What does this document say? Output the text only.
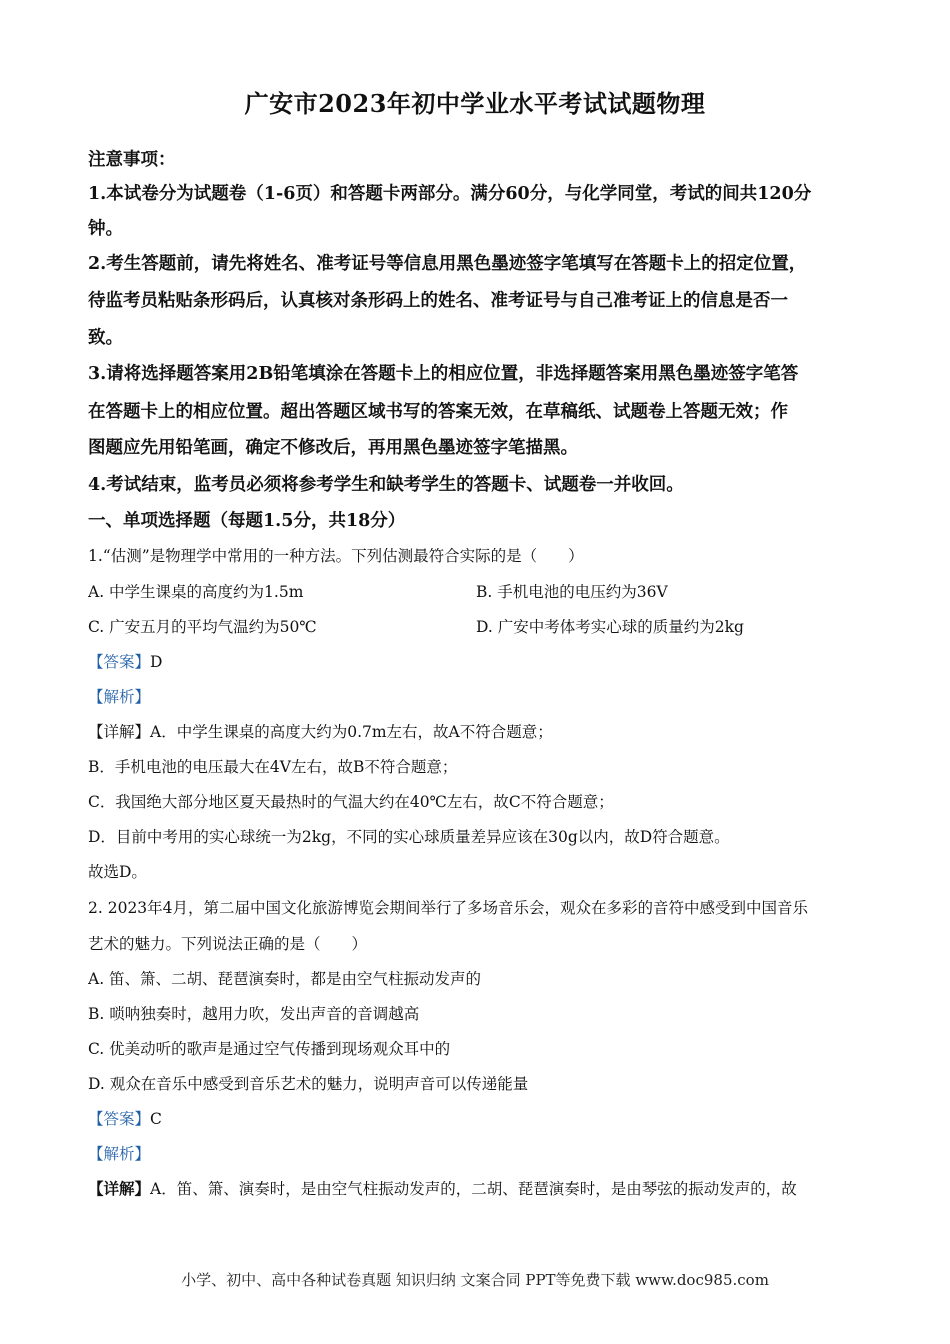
广安市2023年初中学业水平考试试题物理
注意事项：
1.本试卷分为试题卷（1-6页）和答题卡两部分。满分60分，与化学同堂，考试的间共120分
钟。
2.考生答题前，请先将姓名、准考证号等信息用黑色墨迹签字笔填写在答题卡上的招定位置，
待监考员粘贴条形码后，认真核对条形码上的姓名、准考证号与自己准考证上的信息是否一
致。
3.请将选择题答案用2B铅笔填涂在答题卡上的相应位置，非选择题答案用黑色墨迹签字笔答
在答题卡上的相应位置。超出答题区域书写的答案无效，在草稿纸、试题卷上答题无效；作
图题应先用铅笔画，确定不修改后，再用黑色墨迹签字笔描黑。
4.考试结束，监考员必须将参考学生和缺考学生的答题卡、试题卷一并收回。
一、单项选择题（每题1.5分，共18分）
1.“估测”是物理学中常用的一种方法。下列估测最符合实际的是（　　）
A. 中学生课桌的高度约为1.5m	B. 手机电池的电压约为36V
C. 广安五月的平均气温约为50℃	D. 广安中考体考实心球的质量约为2kg
【答案】D
【解析】
【详解】A．中学生课桌的高度大约为0.7m左右，故A不符合题意；
B．手机电池的电压最大在4V左右，故B不符合题意；
C．我国绝大部分地区夏天最热时的气温大约在40℃左右，故C不符合题意；
D．目前中考用的实心球统一为2kg，不同的实心球质量差异应该在30g以内，故D符合题意。
故选D。
2. 2023年4月，第二届中国文化旅游博览会期间举行了多场音乐会，观众在多彩的音符中感受到中国音乐
艺术的魅力。下列说法正确的是（　　）
A. 笛、箫、二胡、琵琶演奏时，都是由空气柱振动发声的
B. 唢呐独奏时，越用力吹，发出声音的音调越高
C. 优美动听的歌声是通过空气传播到现场观众耳中的
D. 观众在音乐中感受到音乐艺术的魅力，说明声音可以传递能量
【答案】C
【解析】
【详解】A．笛、箫、演奏时，是由空气柱振动发声的，二胡、琵琶演奏时，是由琴弦的振动发声的，故
小学、初中、高中各种试卷真题 知识归纳 文案合同 PPT等免费下载 www.doc985.com
